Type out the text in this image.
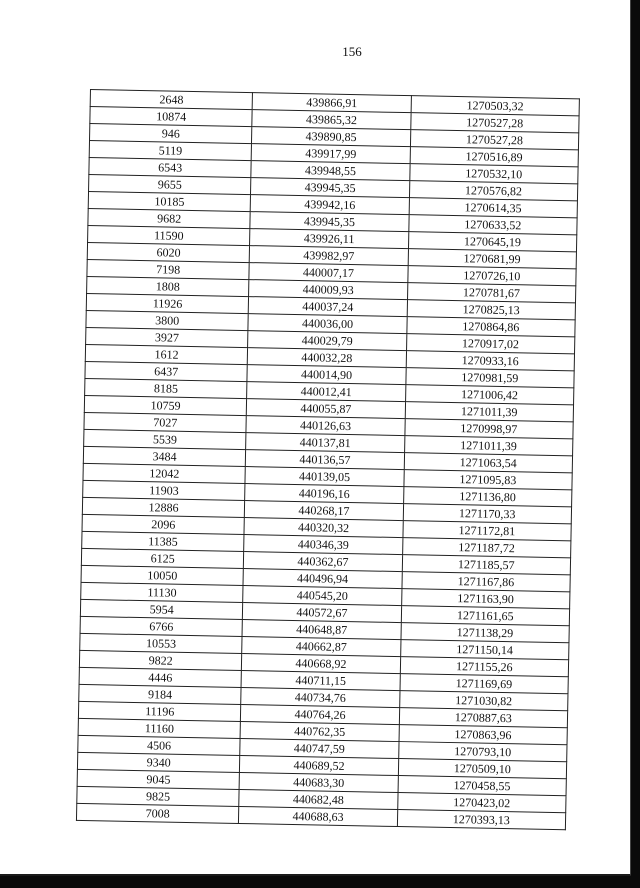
156
2648	439866,91	1270503,32
10874	439865,32	1270527,28
946	439890,85	1270527,28
5119	439917,99	1270516,89
6543	439948,55	1270532,10
9655	439945,35	1270576,82
10185	439942,16	1270614,35
9682	439945,35	1270633,52
11590	439926,11	1270645,19
6020	439982,97	1270681,99
7198	440007,17	1270726,10
1808	440009,93	1270781,67
11926	440037,24	1270825,13
3800	440036,00	1270864,86
3927	440029,79	1270917,02
1612	440032,28	1270933,16
6437	440014,90	1270981,59
8185	440012,41	1271006,42
10759	440055,87	1271011,39
7027	440126,63	1270998,97
5539	440137,81	1271011,39
3484	440136,57	1271063,54
12042	440139,05	1271095,83
11903	440196,16	1271136,80
12886	440268,17	1271170,33
2096	440320,32	1271172,81
11385	440346,39	1271187,72
6125	440362,67	1271185,57
10050	440496,94	1271167,86
11130	440545,20	1271163,90
5954	440572,67	1271161,65
6766	440648,87	1271138,29
10553	440662,87	1271150,14
9822	440668,92	1271155,26
4446	440711,15	1271169,69
9184	440734,76	1271030,82
11196	440764,26	1270887,63
11160	440762,35	1270863,96
4506	440747,59	1270793,10
9340	440689,52	1270509,10
9045	440683,30	1270458,55
9825	440682,48	1270423,02
7008	440688,63	1270393,13
